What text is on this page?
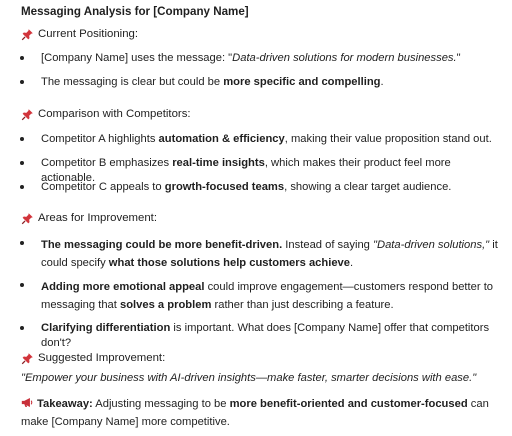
Messaging Analysis for [Company Name]
Current Positioning:
[Company Name] uses the message: "Data-driven solutions for modern businesses."
The messaging is clear but could be more specific and compelling.
Comparison with Competitors:
Competitor A highlights automation & efficiency, making their value proposition stand out.
Competitor B emphasizes real-time insights, which makes their product feel more actionable.
Competitor C appeals to growth-focused teams, showing a clear target audience.
Areas for Improvement:
The messaging could be more benefit-driven. Instead of saying "Data-driven solutions," it could specify what those solutions help customers achieve.
Adding more emotional appeal could improve engagement—customers respond better to messaging that solves a problem rather than just describing a feature.
Clarifying differentiation is important. What does [Company Name] offer that competitors don't?
Suggested Improvement:
"Empower your business with AI-driven insights—make faster, smarter decisions with ease."
Takeaway: Adjusting messaging to be more benefit-oriented and customer-focused can make [Company Name] more competitive.
